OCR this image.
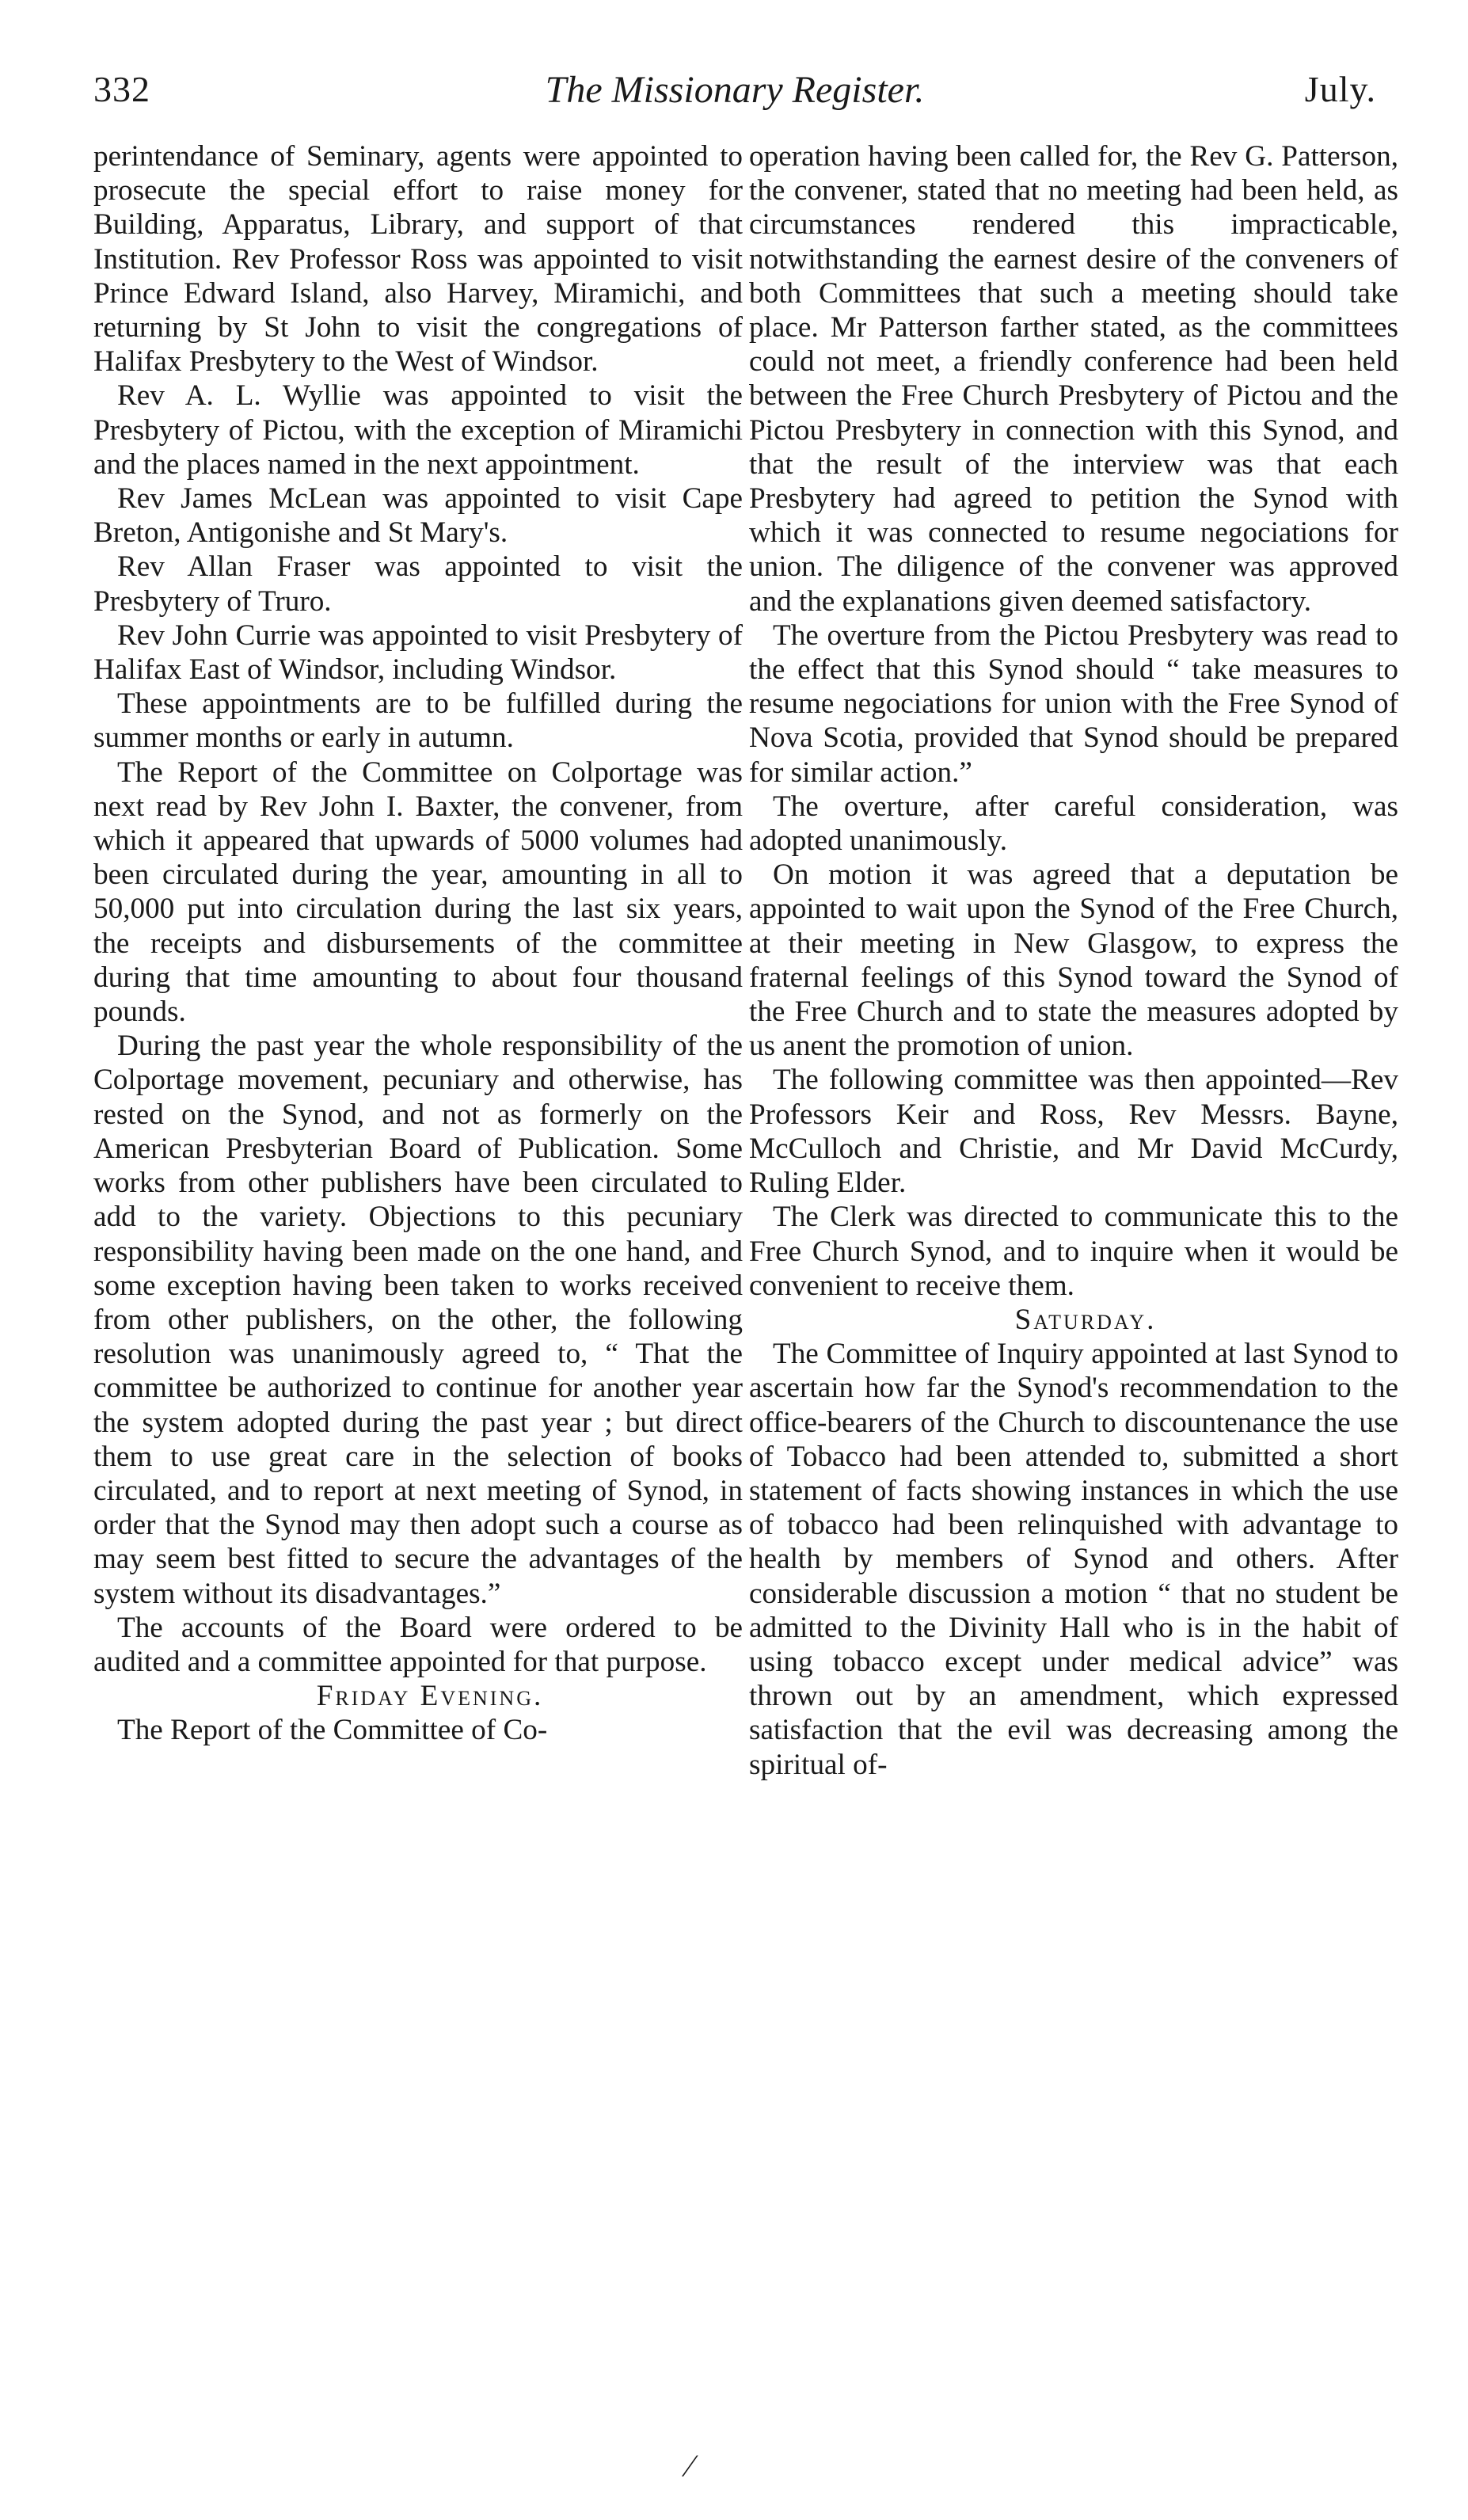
332	The Missionary Register.	July.

perintendance of Seminary, agents were appointed to prosecute the special effort to raise money for Building, Apparatus, Library, and support of that Institution. Rev Professor Ross was appointed to visit Prince Edward Island, also Harvey, Miramichi, and returning by St John to visit the congregations of Halifax Presbytery to the West of Windsor.

Rev A. L. Wyllie was appointed to visit the Presbytery of Pictou, with the exception of Miramichi and the places named in the next appointment.

Rev James McLean was appointed to visit Cape Breton, Antigonishe and St Mary's.

Rev Allan Fraser was appointed to visit the Presbytery of Truro.

Rev John Currie was appointed to visit Presbytery of Halifax East of Windsor, including Windsor.

These appointments are to be fulfilled during the summer months or early in autumn.

The Report of the Committee on Colportage was next read by Rev John I. Baxter, the convener, from which it appeared that upwards of 5000 volumes had been circulated during the year, amounting in all to 50,000 put into circulation during the last six years, the receipts and disbursements of the committee during that time amounting to about four thousand pounds.

During the past year the whole responsibility of the Colportage movement, pecuniary and otherwise, has rested on the Synod, and not as formerly on the American Presbyterian Board of Publication. Some works from other publishers have been circulated to add to the variety. Objections to this pecuniary responsibility having been made on the one hand, and some exception having been taken to works received from other publishers, on the other, the following resolution was unanimously agreed to, “ That the committee be authorized to continue for another year the system adopted during the past year ; but direct them to use great care in the selection of books circulated, and to report at next meeting of Synod, in order that the Synod may then adopt such a course as may seem best fitted to secure the advantages of the system without its disadvantages.”

The accounts of the Board were ordered to be audited and a committee appointed for that purpose.

Friday Evening.

The Report of the Committee of Co-

operation having been called for, the Rev G. Patterson, the convener, stated that no meeting had been held, as circumstances rendered this impracticable, notwithstanding the earnest desire of the conveners of both Committees that such a meeting should take place. Mr Patterson farther stated, as the committees could not meet, a friendly conference had been held between the Free Church Presbytery of Pictou and the Pictou Presbytery in connection with this Synod, and that the result of the interview was that each Presbytery had agreed to petition the Synod with which it was connected to resume negociations for union. The diligence of the convener was approved and the explanations given deemed satisfactory.

The overture from the Pictou Presbytery was read to the effect that this Synod should “ take measures to resume negociations for union with the Free Synod of Nova Scotia, provided that Synod should be prepared for similar action.”

The overture, after careful consideration, was adopted unanimously.

On motion it was agreed that a deputation be appointed to wait upon the Synod of the Free Church, at their meeting in New Glasgow, to express the fraternal feelings of this Synod toward the Synod of the Free Church and to state the measures adopted by us anent the promotion of union.

The following committee was then appointed—Rev Professors Keir and Ross, Rev Messrs. Bayne, McCulloch and Christie, and Mr David McCurdy, Ruling Elder.

The Clerk was directed to communicate this to the Free Church Synod, and to inquire when it would be convenient to receive them.

Saturday.

The Committee of Inquiry appointed at last Synod to ascertain how far the Synod's recommendation to the office-bearers of the Church to discountenance the use of Tobacco had been attended to, submitted a short statement of facts showing instances in which the use of tobacco had been relinquished with advantage to health by members of Synod and others. After considerable discussion a motion “ that no student be admitted to the Divinity Hall who is in the habit of using tobacco except under medical advice” was thrown out by an amendment, which expressed satisfaction that the evil was decreasing among the spiritual of-

⁄
